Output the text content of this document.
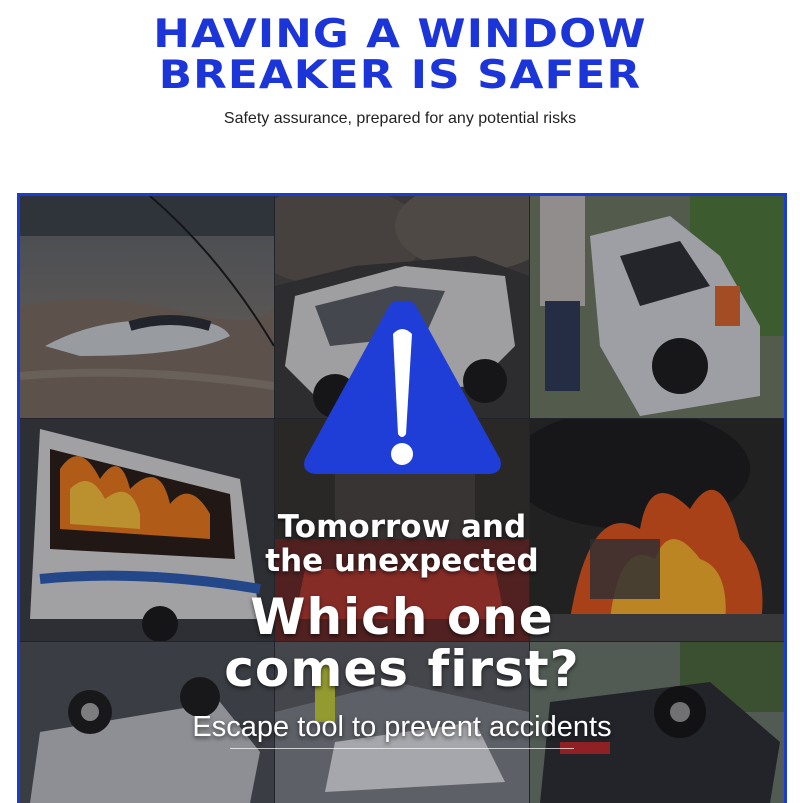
HAVING A WINDOW
BREAKER IS SAFER
Safety assurance, prepared for any potential risks
Tomorrow and
the unexpected
Which one
comes first?
Escape tool to prevent accidents
